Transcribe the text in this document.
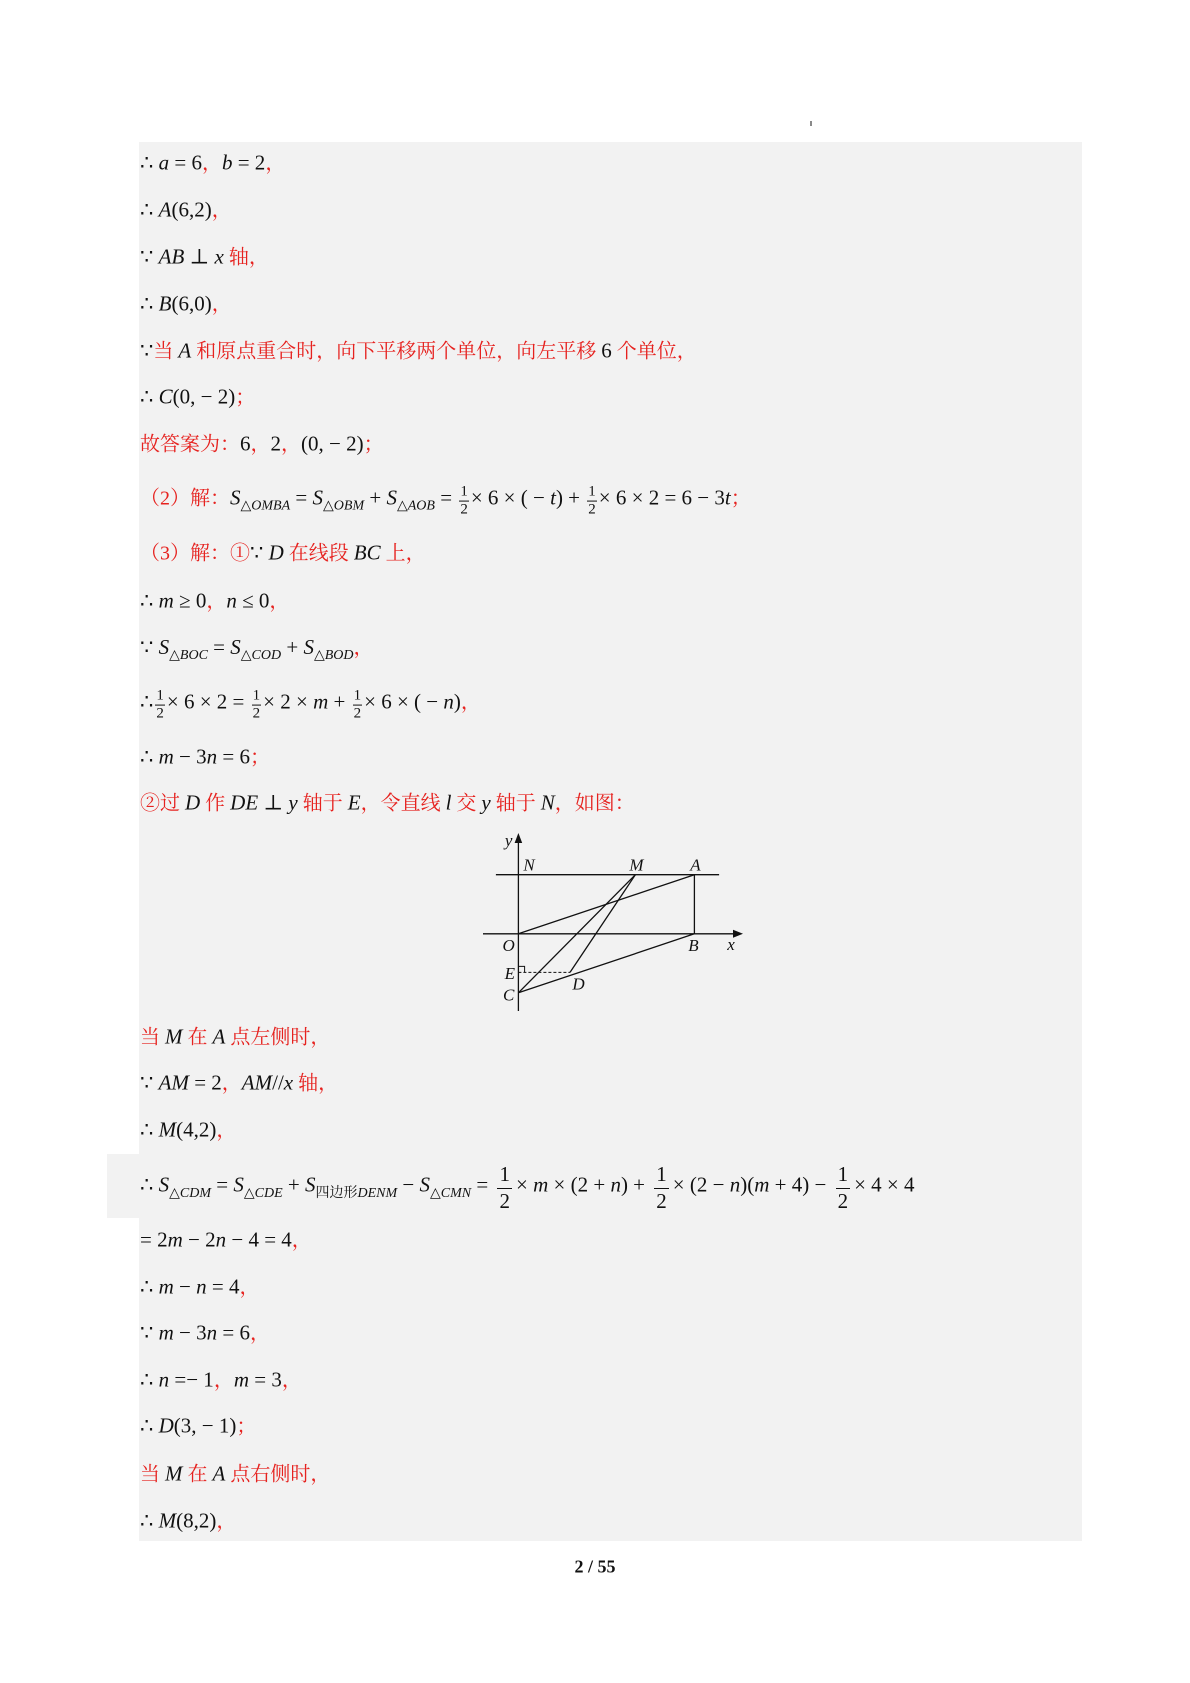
∴ a = 6，b = 2，
∴ A(6,2)，
∵ AB ⊥ x 轴，
∴ B(6,0)，
∵当 A 和原点重合时，向下平移两个单位，向左平移 6 个单位，
∴ C(0, − 2)；
故答案为：6，2，(0, − 2)；
（2）解：S△OMBA = S△OBM + S△AOB = $\frac{1}{2} \times 6$ × ( − $t) + \frac{1}{2} \times 6 \times 2 = 6 - 3t$；
（3）解：①∵ D 在线段 BC 上，
∴ m ≥ 0，n ≤ 0，
∵ S△BOC = S△COD + S△BOD，
∴ $\frac{1}{2} \times 6 \times 2 = \frac{1}{2} \times 2 \times m + \frac{1}{2} \times 6$ × ( − n)，
∴ m − 3n = 6；
②过 D 作 DE ⊥ y 轴于 E，令直线 l 交 y 轴于 N，如图：
y
N	M	A
O	B x
E
D
C
当 M 在 A 点左侧时，
∵ AM = 2，AM//x 轴，
∴ M(4,2)，
∴ S△CDM = S△CDE + S四边形DENM − S△CMN = $\frac{1}{2} \times m \times (2 + n) + \frac{1}{2} \times (2 - n)(m + 4) - \frac{1}{2} \times 4 \times 4$
= 2m − 2n − 4 = 4，
∴ m − n = 4，
∵ m − 3n = 6，
∴ n =− 1，m = 3，
∴ D(3, − 1)；
当 M 在 A 点右侧时，
∴ M(8,2)，
2 / 55
